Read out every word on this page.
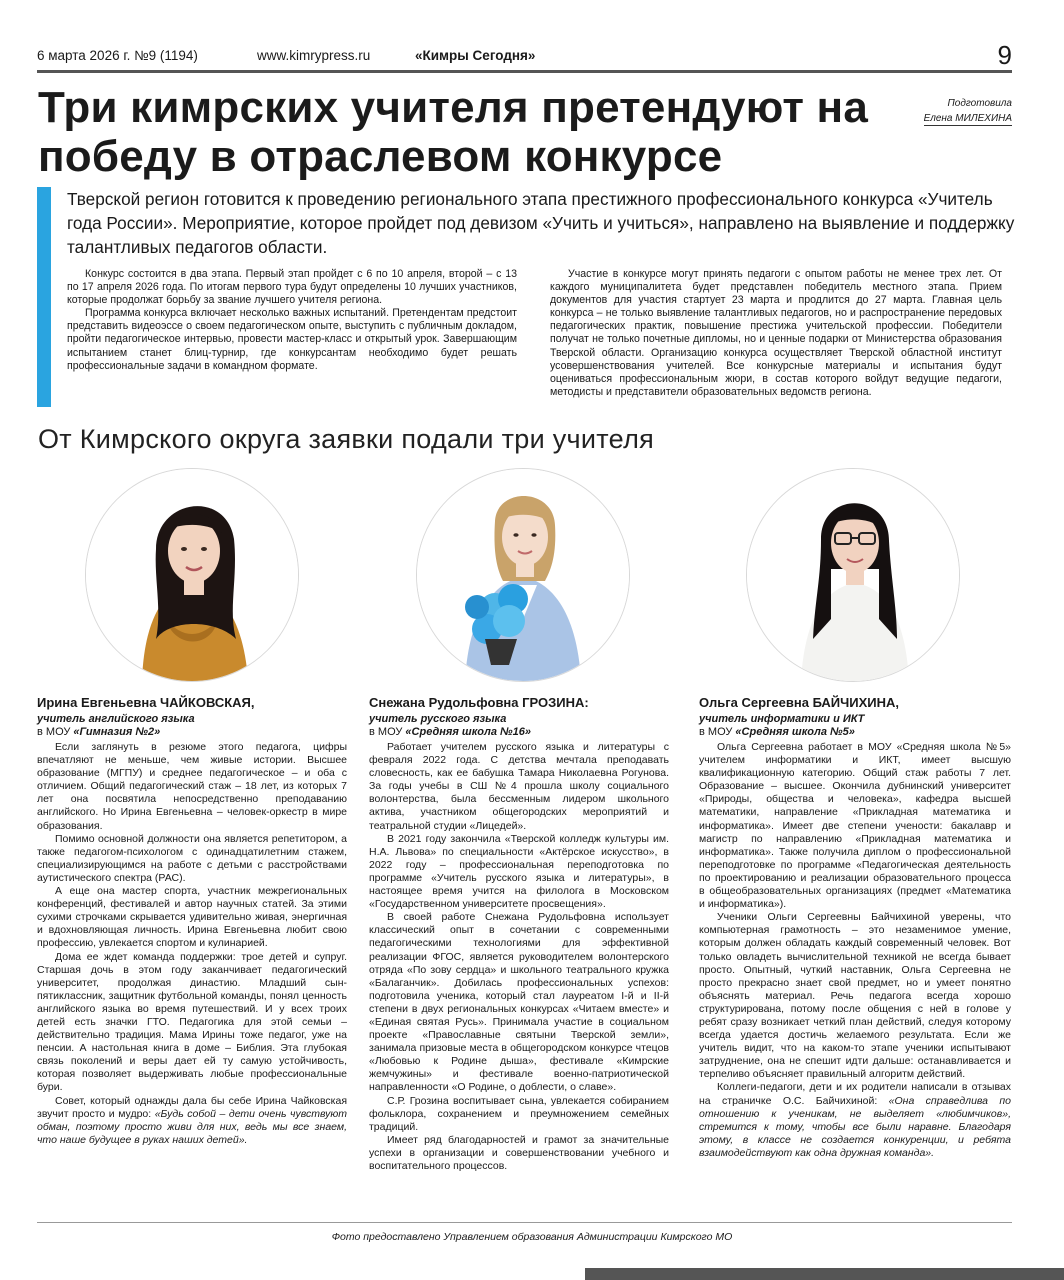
6 марта 2026 г. №9 (1194)	www.kimrypress.ru	«Кимры Сегодня»	9
Три кимрских учителя претендуют на победу в отраслевом конкурсе
Подготовила
Елена МИЛЕХИНА

Тверской регион готовится к проведению регионального этапа престижного профессионального конкурса «Учитель года России». Мероприятие, которое пройдет под девизом «Учить и учиться», направлено на выявление и поддержку талантливых педагогов области.

Конкурс состоится в два этапа. Первый этап пройдет с 6 по 10 апреля, второй – с 13 по 17 апреля 2026 года. По итогам первого тура будут определены 10 лучших участников, которые продолжат борьбу за звание лучшего учителя региона.

Программа конкурса включает несколько важных испытаний. Претендентам предстоит представить видеоэссе о своем педагогическом опыте, выступить с публичным докладом, пройти педагогическое интервью, провести мастер-класс и открытый урок. Завершающим испытанием станет блиц-турнир, где конкурсантам необходимо будет решать профессиональные задачи в командном формате.

Участие в конкурсе могут принять педагоги с опытом работы не менее трех лет. От каждого муниципалитета будет представлен победитель местного этапа. Прием документов для участия стартует 23 марта и продлится до 27 марта. Главная цель конкурса – не только выявление талантливых педагогов, но и распространение передовых педагогических практик, повышение престижа учительской профессии. Победители получат не только почетные дипломы, но и ценные подарки от Министерства образования Тверской области. Организацию конкурса осуществляет Тверской областной институт усовершенствования учителей. Все конкурсные материалы и испытания будут оцениваться профессиональным жюри, в состав которого войдут ведущие педагоги, методисты и представители образовательных ведомств региона.

От Кимрского округа заявки подали три учителя
Ирина Евгеньевна ЧАЙКОВСКАЯ,
учитель английского языка
в МОУ «Гимназия №2»

Если заглянуть в резюме этого педагога, цифры впечатляют не меньше, чем живые истории. Высшее образование (МГПУ) и среднее педагогическое – и оба с отличием. Общий педагогический стаж – 18 лет, из которых 7 лет она посвятила непосредственно преподаванию английского. Но Ирина Евгеньевна – человек-оркестр в мире образования.

Помимо основной должности она является репетитором, а также педагогом-психологом с одинадцатилетним стажем, специализирующимся на работе с детьми с расстройствами аутистического спектра (РАС).

А еще она мастер спорта, участник межрегиональных конференций, фестивалей и автор научных статей. За этими сухими строчками скрывается удивительно живая, энергичная и вдохновляющая личность. Ирина Евгеньевна любит свою профессию, увлекается спортом и кулинарией.

Дома ее ждет команда поддержки: трое детей и супруг. Старшая дочь в этом году заканчивает педагогический университет, продолжая династию. Младший сын-пятиклассник, защитник футбольной команды, понял ценность английского языка во время путешествий. И у всех троих детей есть значки ГТО. Педагогика для этой семьи – действительно традиция. Мама Ирины тоже педагог, уже на пенсии. А настольная книга в доме – Библия. Эта глубокая связь поколений и веры дает ей ту самую устойчивость, которая позволяет выдерживать любые профессиональные бури.

Совет, который однажды дала бы себе Ирина Чайковская звучит просто и мудро: «Будь собой – дети очень чувствуют обман, поэтому просто живи для них, ведь мы все знаем, что наше будущее в руках наших детей».

Снежана Рудольфовна ГРОЗИНА:
учитель русского языка
в МОУ «Средняя школа №16»

Работает учителем русского языка и литературы с февраля 2022 года. С детства мечтала преподавать словесность, как ее бабушка Тамара Николаевна Рогунова. За годы учебы в СШ №4 прошла школу социального волонтерства, была бессменным лидером школьного актива, участником общегородских мероприятий и театральной студии «Лицедей».

В 2021 году закончила «Тверской колледж культуры им. Н.А. Львова» по специальности «Актёрское искусство», в 2022 году – профессиональная переподготовка по программе «Учитель русского языка и литературы», в настоящее время учится на филолога в Московском «Государственном университете просвещения».

В своей работе Снежана Рудольфовна использует классический опыт в сочетании с современными педагогическими технологиями для эффективной реализации ФГОС, является руководителем волонтерского отряда «По зову сердца» и школьного театрального кружка «Балаганчик». Добилась профессиональных успехов: подготовила ученика, который стал лауреатом I-й и II-й степени в двух региональных конкурсах «Читаем вместе» и «Единая святая Русь». Принимала участие в социальном проекте «Православные святыни Тверской земли», занимала призовые места в общегородском конкурсе чтецов «Любовью к Родине дыша», фестивале «Кимрские жемчужины» и фестивале военно-патриотической направленности «О Родине, о доблести, о славе».

С.Р. Грозина воспитывает сына, увлекается собиранием фольклора, сохранением и преумножением семейных традиций.

Имеет ряд благодарностей и грамот за значительные успехи в организации и совершенствовании учебного и воспитательного процессов.

Ольга Сергеевна БАЙЧИХИНА,
учитель информатики и ИКТ
в МОУ «Средняя школа №5»

Ольга Сергеевна работает в МОУ «Средняя школа №5» учителем информатики и ИКТ, имеет высшую квалификационную категорию. Общий стаж работы 7 лет. Образование – высшее. Окончила дубнинский университет «Природы, общества и человека», кафедра высшей математики, направление «Прикладная математика и информатика». Имеет две степени учености: бакалавр и магистр по направлению «Прикладная математика и информатика». Также получила диплом о профессиональной переподготовке по программе «Педагогическая деятельность по проектированию и реализации образовательного процесса в общеобразовательных организациях (предмет «Математика и информатика»).

Ученики Ольги Сергеевны Байчихиной уверены, что компьютерная грамотность – это незаменимое умение, которым должен обладать каждый современный человек. Вот только овладеть вычислительной техникой не всегда бывает просто. Опытный, чуткий наставник, Ольга Сергеевна не просто прекрасно знает свой предмет, но и умеет понятно объяснять материал. Речь педагога всегда хорошо структурирована, потому после общения с ней в голове у ребят сразу возникает четкий план действий, следуя которому всегда удается достичь желаемого результата. Если же учитель видит, что на каком-то этапе ученики испытывают затруднение, она не спешит идти дальше: останавливается и терпеливо объясняет правильный алгоритм действий.

Коллеги-педагоги, дети и их родители написали в отзывах на страничке О.С. Байчихиной: «Она справедлива по отношению к ученикам, не выделяет «любимчиков», стремится к тому, чтобы все были наравне. Благодаря этому, в классе не создается конкуренции, и ребята взаимодействуют как одна дружная команда».

Фото предоставлено Управлением образования Администрации Кимрского МО
